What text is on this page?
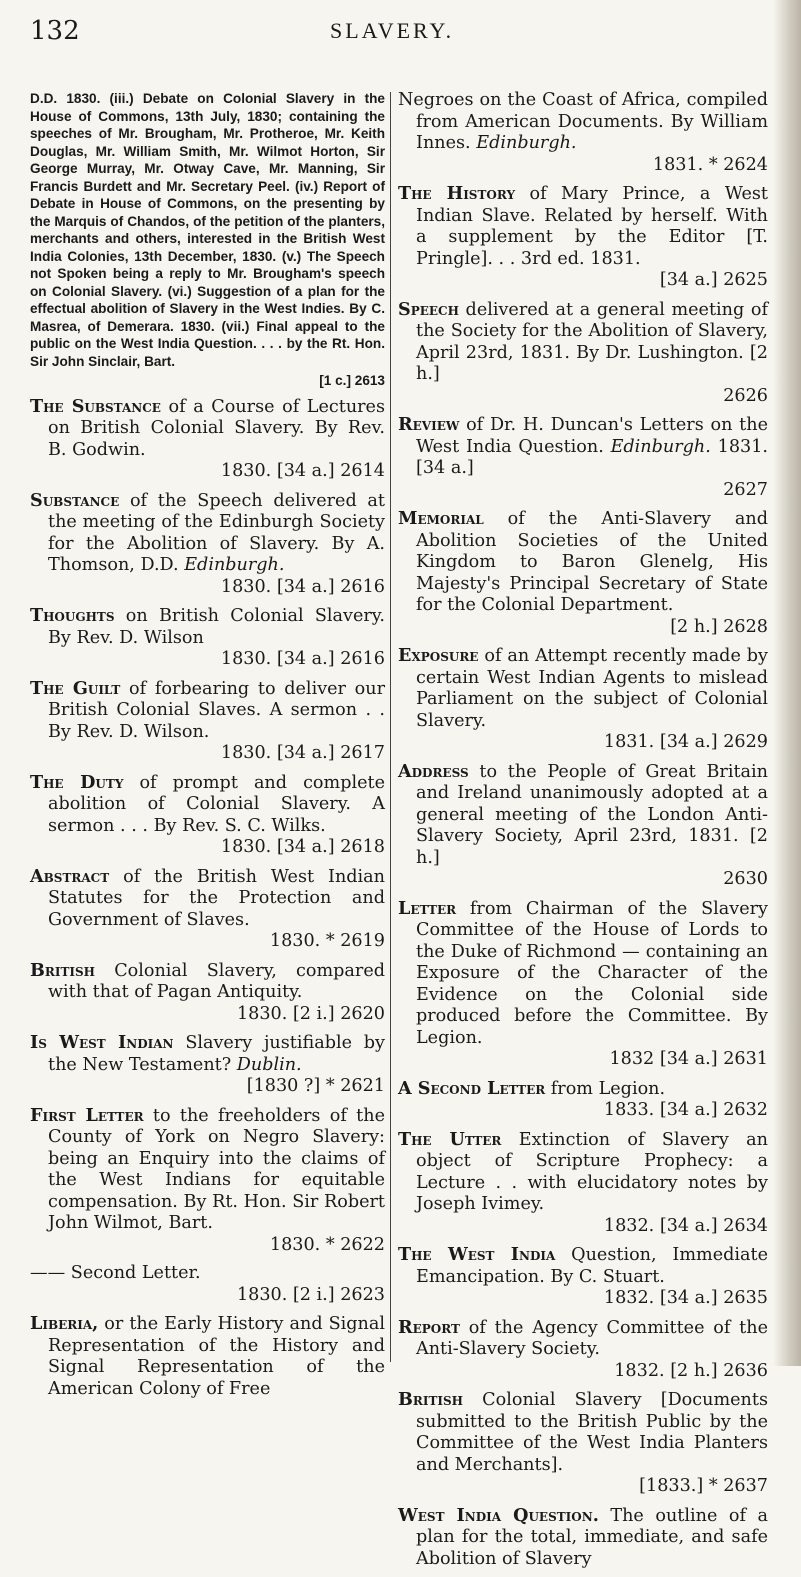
132	SLAVERY.

D.D. 1830. (iii.) Debate on Colonial Slavery in the House of Commons, 13th July, 1830; containing the speeches of Mr. Brougham, Mr. Protheroe, Mr. Keith Douglas, Mr. William Smith, Mr. Wilmot Horton, Sir George Murray, Mr. Otway Cave, Mr. Manning, Sir Francis Burdett and Mr. Secretary Peel. (iv.) Report of Debate in House of Commons, on the presenting by the Marquis of Chandos, of the petition of the planters, merchants and others, interested in the British West India Colonies, 13th December, 1830. (v.) The Speech not Spoken being a reply to Mr. Brougham's speech on Colonial Slavery. (vi.) Suggestion of a plan for the effectual abolition of Slavery in the West Indies. By C. Masrea, of Demerara. 1830. (vii.) Final appeal to the public on the West India Question. . . . by the Rt. Hon. Sir John Sinclair, Bart.
[1 c.] 2613

The Substance of a Course of Lectures on British Colonial Slavery. By Rev. B. Godwin.
1830. [34 a.] 2614

Substance of the Speech delivered at the meeting of the Edinburgh Society for the Abolition of Slavery. By A. Thomson, D.D. Edinburgh.
1830. [34 a.] 2616

Thoughts on British Colonial Slavery. By Rev. D. Wilson
1830. [34 a.] 2616

The Guilt of forbearing to deliver our British Colonial Slaves. A sermon . . By Rev. D. Wilson.
1830. [34 a.] 2617

The Duty of prompt and complete abolition of Colonial Slavery. A sermon . . . By Rev. S. C. Wilks.
1830. [34 a.] 2618

Abstract of the British West Indian Statutes for the Protection and Government of Slaves.
1830. * 2619

British Colonial Slavery, compared with that of Pagan Antiquity.
1830. [2 i.] 2620

Is West Indian Slavery justifiable by the New Testament? Dublin.
[1830 ?] * 2621

First Letter to the freeholders of the County of York on Negro Slavery: being an Enquiry into the claims of the West Indians for equitable compensation. By Rt. Hon. Sir Robert John Wilmot, Bart.
1830. * 2622

—— Second Letter.
1830. [2 i.] 2623

Liberia, or the Early History and Signal Representation of the History and Signal Representation of the American Colony of Free

Negroes on the Coast of Africa, compiled from American Documents. By William Innes. Edinburgh.
1831. * 2624

The History of Mary Prince, a West Indian Slave. Related by herself. With a supplement by the Editor [T. Pringle]. . . 3rd ed. 1831.
[34 a.] 2625

Speech delivered at a general meeting of the Society for the Abolition of Slavery, April 23rd, 1831. By Dr. Lushington. [2 h.]
2626

Review of Dr. H. Duncan's Letters on the West India Question. Edinburgh. 1831. [34 a.]
2627

Memorial of the Anti-Slavery and Abolition Societies of the United Kingdom to Baron Glenelg, His Majesty's Principal Secretary of State for the Colonial Department.
[2 h.] 2628

Exposure of an Attempt recently made by certain West Indian Agents to mislead Parliament on the subject of Colonial Slavery.
1831. [34 a.] 2629

Address to the People of Great Britain and Ireland unanimously adopted at a general meeting of the London Anti-Slavery Society, April 23rd, 1831. [2 h.]
2630

Letter from Chairman of the Slavery Committee of the House of Lords to the Duke of Richmond — containing an Exposure of the Character of the Evidence on the Colonial side produced before the Committee. By Legion.
1832 [34 a.] 2631

A Second Letter from Legion.
1833. [34 a.] 2632

The Utter Extinction of Slavery an object of Scripture Prophecy: a Lecture . . with elucidatory notes by Joseph Ivimey.
1832. [34 a.] 2634

The West India Question, Immediate Emancipation. By C. Stuart.
1832. [34 a.] 2635

Report of the Agency Committee of the Anti-Slavery Society.
1832. [2 h.] 2636

British Colonial Slavery [Documents submitted to the British Public by the Committee of the West India Planters and Merchants].
[1833.] * 2637

West India Question. The outline of a plan for the total, immediate, and safe Abolition of Slavery
